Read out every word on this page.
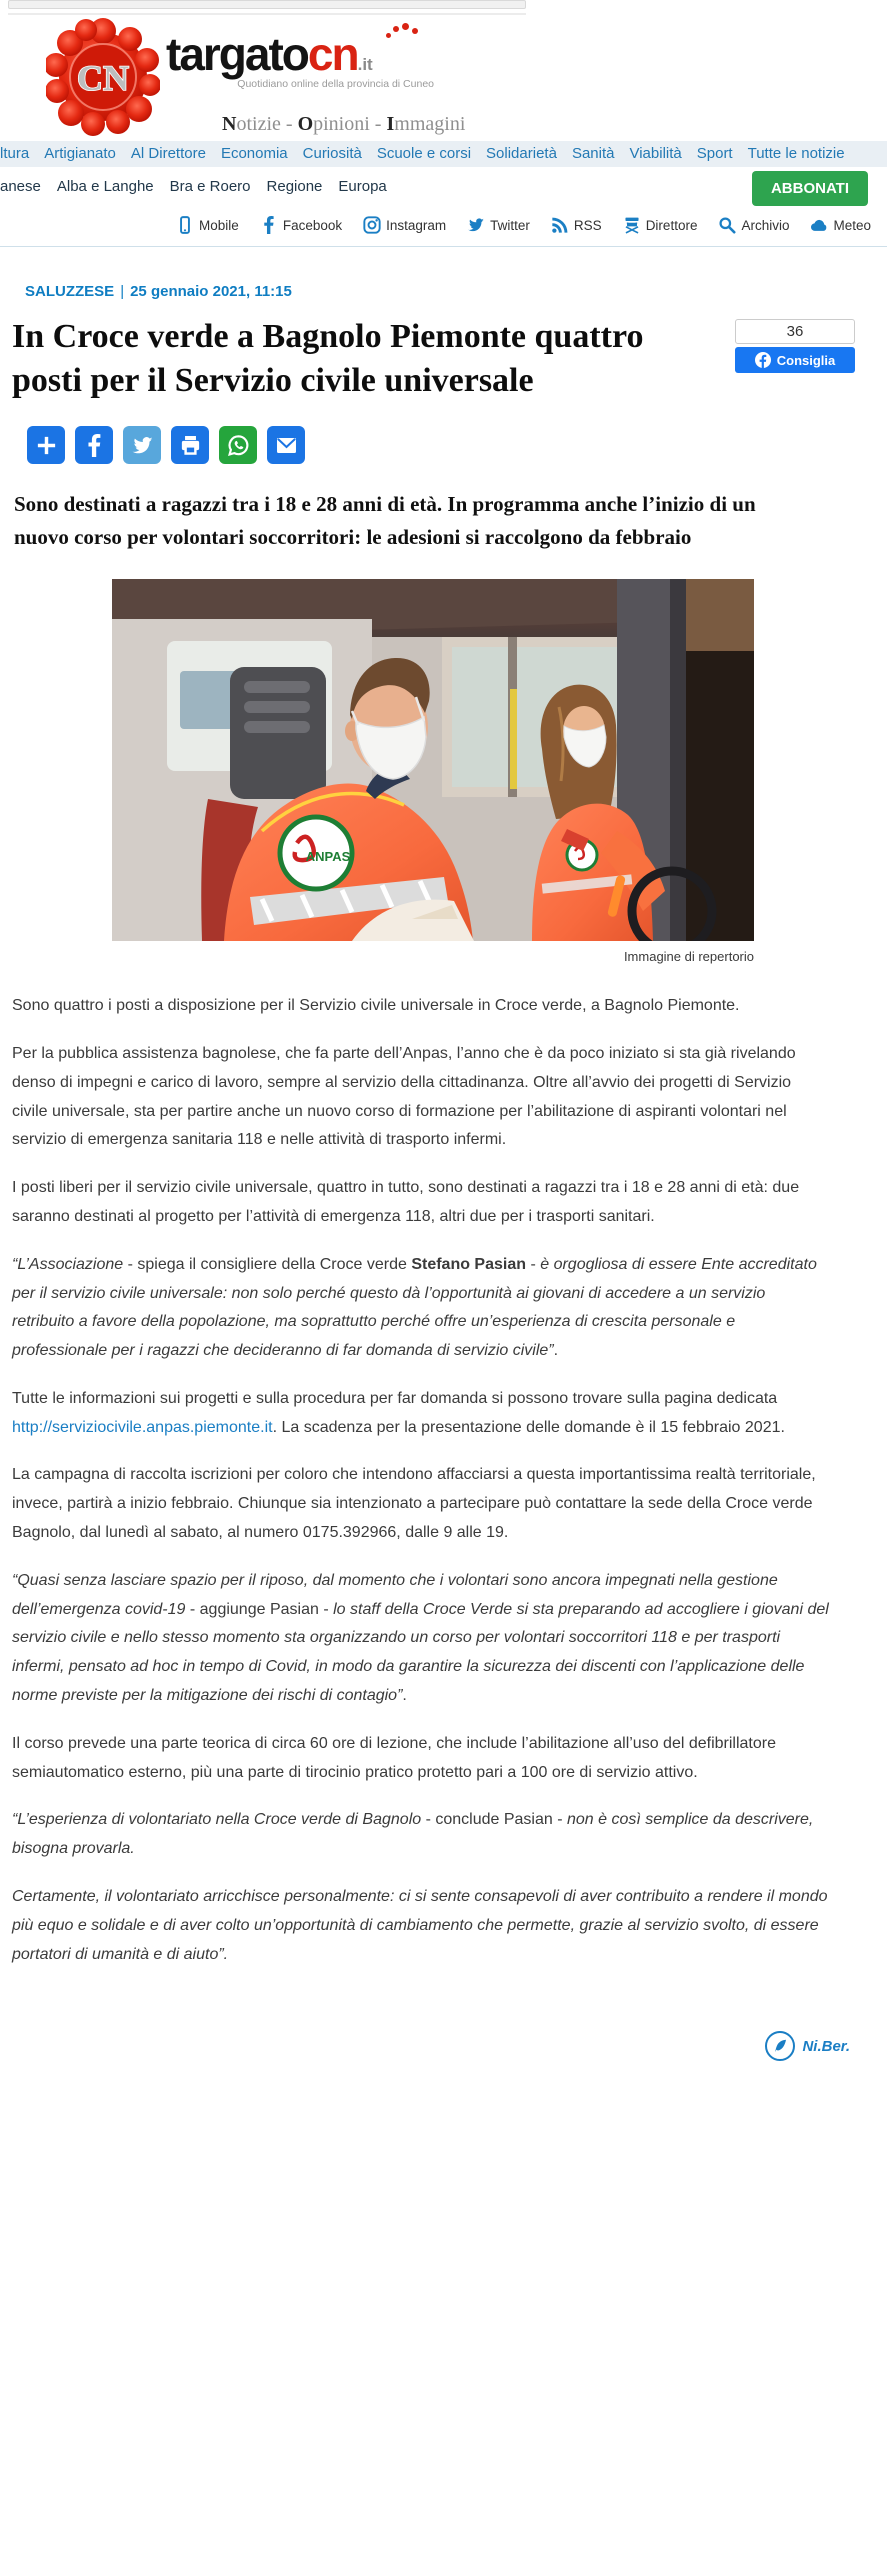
CN targatocn.it
Quotidiano online della provincia di Cuneo
Notizie - Opinioni - Immagini
ltura Artigianato Al Direttore Economia Curiosità Scuole e corsi Solidarietà Sanità Viabilità Sport Tutte le notizie
anese Alba e Langhe Bra e Roero Regione Europa	ABBONATI
Mobile	Facebook	Instagram	Twitter	RSS	Direttore	Archivio	Meteo
SALUZZESE | 25 gennaio 2021, 11:15
In Croce verde a Bagnolo Piemonte quattro posti per il Servizio civile universale
36
Consiglia
Sono destinati a ragazzi tra i 18 e 28 anni di età. In programma anche l’inizio di un nuovo corso per volontari soccorritori: le adesioni si raccolgono da febbraio
ANPAS
Immagine di repertorio

Sono quattro i posti a disposizione per il Servizio civile universale in Croce verde, a Bagnolo Piemonte.

Per la pubblica assistenza bagnolese, che fa parte dell’Anpas, l’anno che è da poco iniziato si sta già rivelando denso di impegni e carico di lavoro, sempre al servizio della cittadinanza. Oltre all’avvio dei progetti di Servizio civile universale, sta per partire anche un nuovo corso di formazione per l’abilitazione di aspiranti volontari nel servizio di emergenza sanitaria 118 e nelle attività di trasporto infermi.

I posti liberi per il servizio civile universale, quattro in tutto, sono destinati a ragazzi tra i 18 e 28 anni di età: due saranno destinati al progetto per l’attività di emergenza 118, altri due per i trasporti sanitari.

“L’Associazione - spiega il consigliere della Croce verde Stefano Pasian - è orgogliosa di essere Ente accreditato per il servizio civile universale: non solo perché questo dà l’opportunità ai giovani di accedere a un servizio retribuito a favore della popolazione, ma soprattutto perché offre un’esperienza di crescita personale e professionale per i ragazzi che decideranno di far domanda di servizio civile”.

Tutte le informazioni sui progetti e sulla procedura per far domanda si possono trovare sulla pagina dedicata http://serviziocivile.anpas.piemonte.it. La scadenza per la presentazione delle domande è il 15 febbraio 2021.

La campagna di raccolta iscrizioni per coloro che intendono affacciarsi a questa importantissima realtà territoriale, invece, partirà a inizio febbraio. Chiunque sia intenzionato a partecipare può contattare la sede della Croce verde Bagnolo, dal lunedì al sabato, al numero 0175.392966, dalle 9 alle 19.

“Quasi senza lasciare spazio per il riposo, dal momento che i volontari sono ancora impegnati nella gestione dell’emergenza covid-19 - aggiunge Pasian - lo staff della Croce Verde si sta preparando ad accogliere i giovani del servizio civile e nello stesso momento sta organizzando un corso per volontari soccorritori 118 e per trasporti infermi, pensato ad hoc in tempo di Covid, in modo da garantire la sicurezza dei discenti con l’applicazione delle norme previste per la mitigazione dei rischi di contagio”.

Il corso prevede una parte teorica di circa 60 ore di lezione, che include l’abilitazione all’uso del defibrillatore semiautomatico esterno, più una parte di tirocinio pratico protetto pari a 100 ore di servizio attivo.

“L’esperienza di volontariato nella Croce verde di Bagnolo - conclude Pasian - non è così semplice da descrivere, bisogna provarla.

Certamente, il volontariato arricchisce personalmente: ci si sente consapevoli di aver contribuito a rendere il mondo più equo e solidale e di aver colto un’opportunità di cambiamento che permette, grazie al servizio svolto, di essere portatori di umanità e di aiuto”.

Ni.Ber.
